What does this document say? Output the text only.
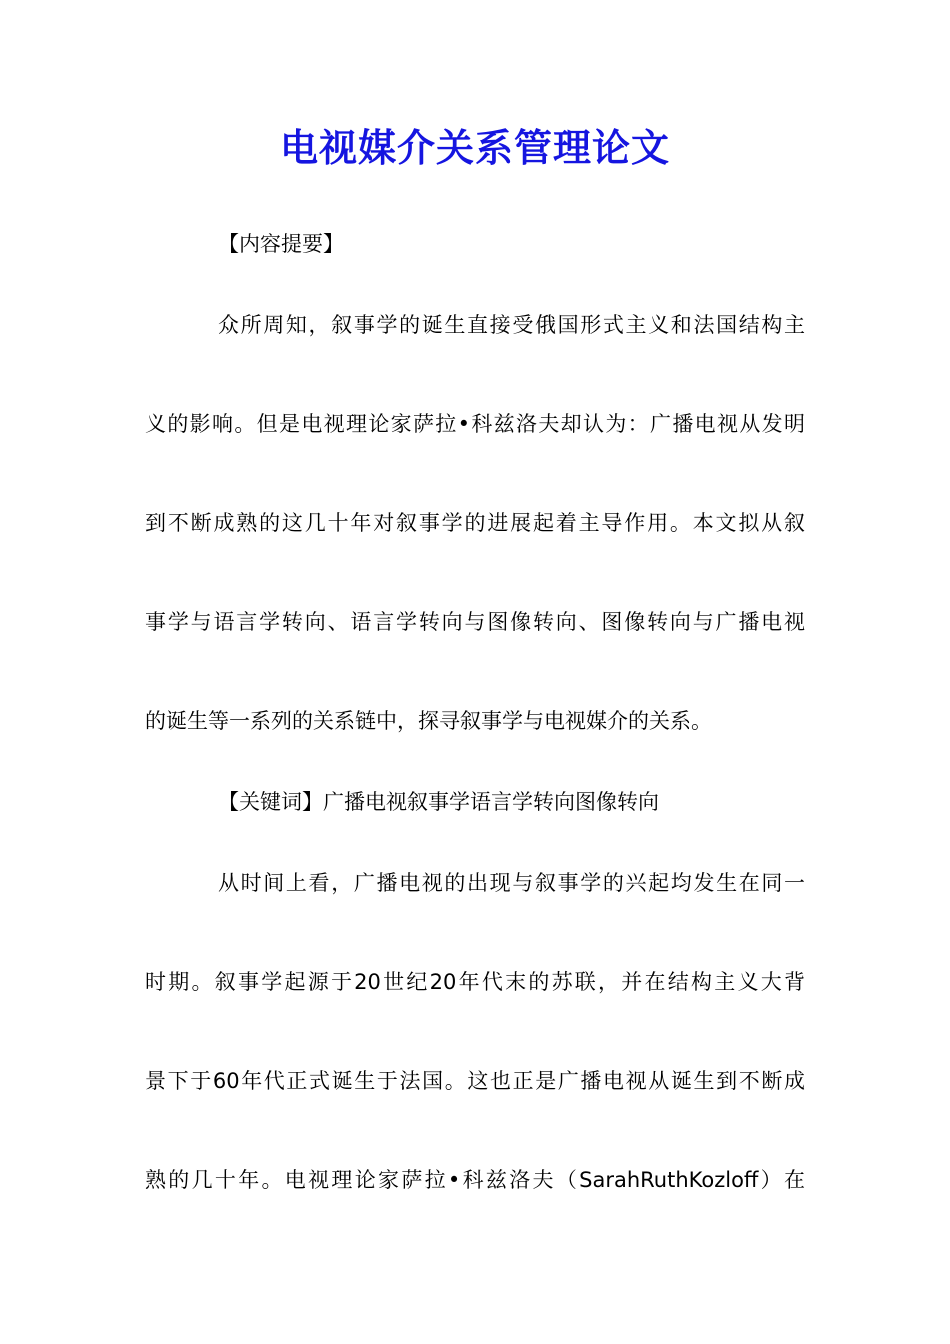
电视媒介关系管理论文
【内容提要】
众所周知，叙事学的诞生直接受俄国形式主义和法国结构主
义的影响。但是电视理论家萨拉•科兹洛夫却认为：广播电视从发明
到不断成熟的这几十年对叙事学的进展起着主导作用。本文拟从叙
事学与语言学转向、语言学转向与图像转向、图像转向与广播电视
的诞生等一系列的关系链中，探寻叙事学与电视媒介的关系。
【关键词】广播电视叙事学语言学转向图像转向
从时间上看，广播电视的出现与叙事学的兴起均发生在同一
时期。叙事学起源于20世纪20年代末的苏联，并在结构主义大背
景下于60年代正式诞生于法国。这也正是广播电视从诞生到不断成
熟的几十年。电视理论家萨拉•科兹洛夫（SarahRuthKozloff）在
